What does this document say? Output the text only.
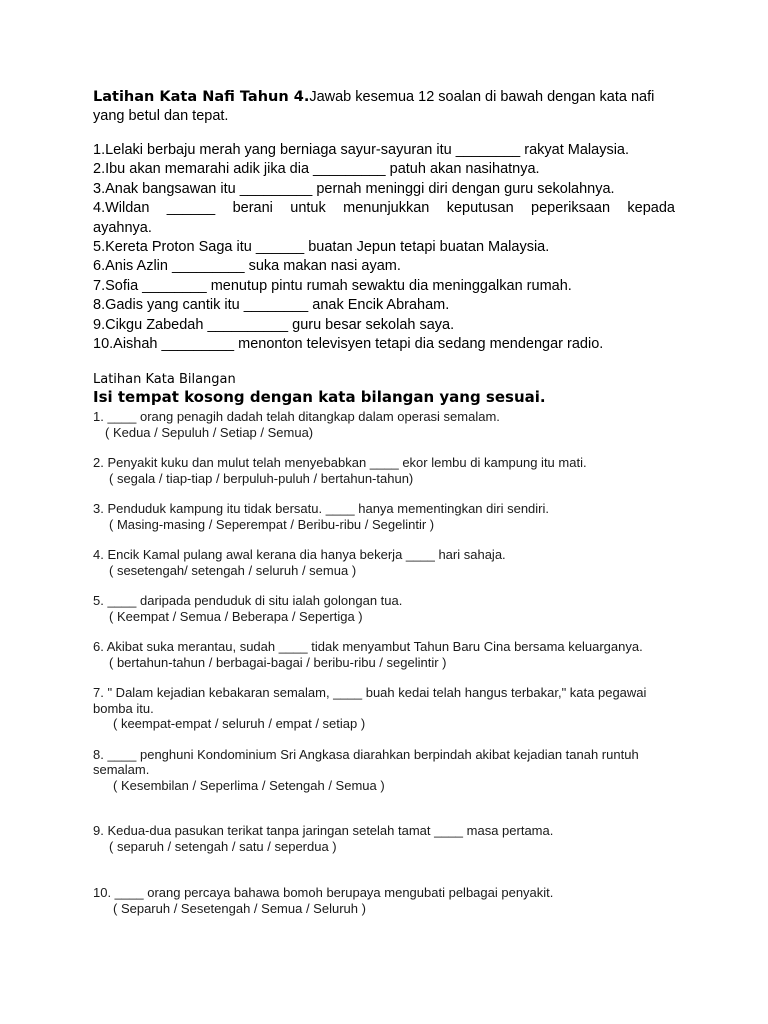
Latihan Kata Nafi Tahun 4.Jawab kesemua 12 soalan di bawah dengan kata nafi yang betul dan tepat.

1.Lelaki berbaju merah yang berniaga sayur-sayuran itu ________ rakyat Malaysia.

2.Ibu akan memarahi adik jika dia _________ patuh akan nasihatnya.

3.Anak bangsawan itu _________ pernah meninggi diri dengan guru sekolahnya.

4.Wildan ______ berani untuk menunjukkan keputusan peperiksaan kepada ayahnya.

5.Kereta Proton Saga itu ______ buatan Jepun tetapi buatan Malaysia.

6.Anis Azlin _________ suka makan nasi ayam.

7.Sofia ________ menutup pintu rumah sewaktu dia meninggalkan rumah.

8.Gadis yang cantik itu ________ anak Encik Abraham.

9.Cikgu Zabedah __________ guru besar sekolah saya.

10.Aishah _________ menonton televisyen tetapi dia sedang mendengar radio.

Latihan Kata Bilangan

Isi tempat kosong dengan kata bilangan yang sesuai.

1. ____ orang penagih dadah telah ditangkap dalam operasi semalam.
( Kedua / Sepuluh / Setiap / Semua)
2. Penyakit kuku dan mulut telah menyebabkan ____ ekor lembu di kampung itu mati.
( segala / tiap-tiap / berpuluh-puluh / bertahun-tahun)
3. Penduduk kampung itu tidak bersatu. ____ hanya mementingkan diri sendiri.
( Masing-masing / Seperempat / Beribu-ribu / Segelintir )
4. Encik Kamal pulang awal kerana dia hanya bekerja ____ hari sahaja.
( sesetengah/ setengah / seluruh / semua )
5. ____ daripada penduduk di situ ialah golongan tua.
( Keempat / Semua / Beberapa / Sepertiga )
6. Akibat suka merantau, sudah ____ tidak menyambut Tahun Baru Cina bersama keluarganya.
( bertahun-tahun / berbagai-bagai / beribu-ribu / segelintir )
7. " Dalam kejadian kebakaran semalam, ____ buah kedai telah hangus terbakar," kata pegawai bomba itu.
( keempat-empat / seluruh / empat / setiap )
8. ____ penghuni Kondominium Sri Angkasa diarahkan berpindah akibat kejadian tanah runtuh semalam.
( Kesembilan / Seperlima / Setengah / Semua )
9. Kedua-dua pasukan terikat tanpa jaringan setelah tamat ____ masa pertama.
( separuh / setengah / satu / seperdua )
10. ____ orang percaya bahawa bomoh berupaya mengubati pelbagai penyakit.
( Separuh / Sesetengah / Semua / Seluruh )
